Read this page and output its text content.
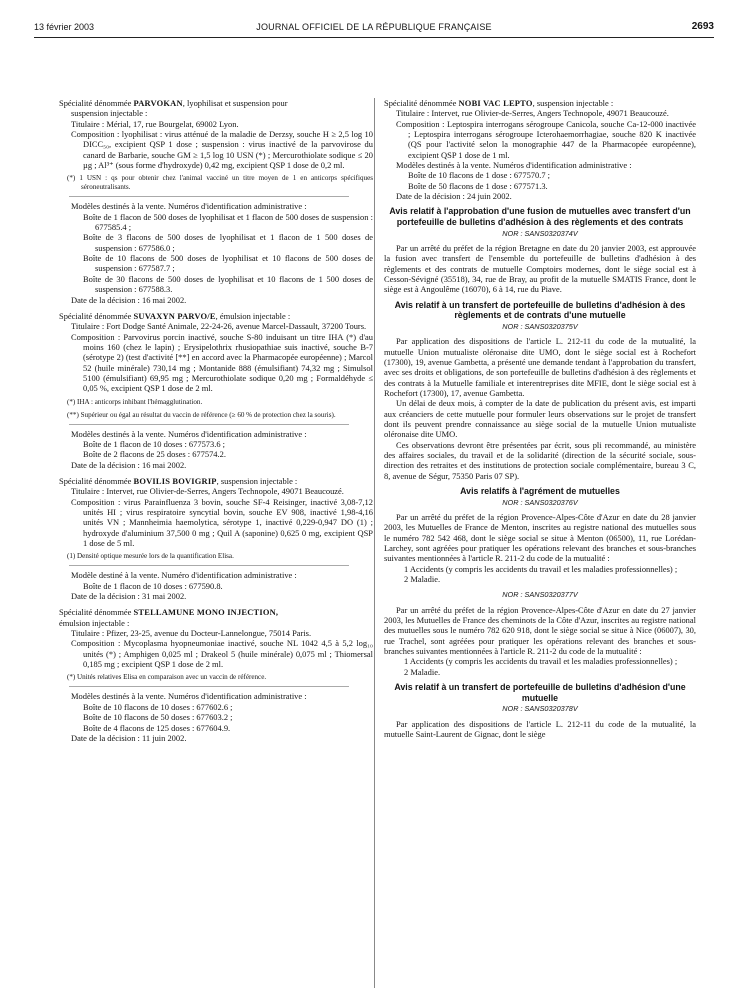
13 février 2003	JOURNAL OFFICIEL DE LA RÉPUBLIQUE FRANÇAISE	2693

Spécialité dénommée PARVOKAN, lyophilisat et suspension pour

suspension injectable :

Titulaire : Mérial, 17, rue Bourgelat, 69002 Lyon.

Composition : lyophilisat : virus atténué de la maladie de Derzsy, souche H ≥ 2,5 log 10 DICC₅₀, excipient QSP 1 dose ; suspension : virus inactivé de la parvovirose du canard de Barbarie, souche GM ≥ 1,5 log 10 USN (*) ; Mercurothiolate sodique ≤ 20 µg ; Al³⁺ (sous forme d'hydroxyde) 0,42 mg, excipient QSP 1 dose de 0,2 ml.

(*) 1 USN : qs pour obtenir chez l'animal vacciné un titre moyen de 1 en anticorps spécifiques séroneutralisants.

Modèles destinés à la vente. Numéros d'identification administrative :

Boîte de 1 flacon de 500 doses de lyophilisat et 1 flacon de 500 doses de suspension : 677585.4 ;

Boîte de 3 flacons de 500 doses de lyophilisat et 1 flacon de 1 500 doses de suspension : 677586.0 ;

Boîte de 10 flacons de 500 doses de lyophilisat et 10 flacons de 500 doses de suspension : 677587.7 ;

Boîte de 30 flacons de 500 doses de lyophilisat et 10 flacons de 1 500 doses de suspension : 677588.3.

Date de la décision : 16 mai 2002.

Spécialité dénommée SUVAXYN PARVO/E, émulsion injectable :

Titulaire : Fort Dodge Santé Animale, 22-24-26, avenue Marcel-Dassault, 37200 Tours.

Composition : Parvovirus porcin inactivé, souche S-80 induisant un titre IHA (*) d'au moins 160 (chez le lapin) ; Erysipelothrix rhusiopathiae suis inactivé, souche B-7 (sérotype 2) (test d'activité [**] en accord avec la Pharmacopée européenne) ; Marcol 52 (huile minérale) 730,14 mg ; Montanide 888 (émulsifiant) 74,32 mg ; Simulsol 5100 (émulsifiant) 69,95 mg ; Mercurothiolate sodique 0,20 mg ; Formaldéhyde ≤ 0,05 %, excipient QSP 1 dose de 2 ml.

(*) IHA : anticorps inhibant l'hémagglutination.

(**) Supérieur ou égal au résultat du vaccin de référence (≥ 60 % de protection chez la souris).

Modèles destinés à la vente. Numéros d'identification administrative :

Boîte de 1 flacon de 10 doses : 677573.6 ;

Boîte de 2 flacons de 25 doses : 677574.2.

Date de la décision : 16 mai 2002.

Spécialité dénommée BOVILIS BOVIGRIP, suspension injectable :

Titulaire : Intervet, rue Olivier-de-Serres, Angers Technopole, 49071 Beaucouzé.

Composition : virus Parainfluenza 3 bovin, souche SF-4 Reisinger, inactivé 3,08-7,12 unités HI ; virus respiratoire syncytial bovin, souche EV 908, inactivé 1,98-4,16 unités VN ; Mannheimia haemolytica, sérotype 1, inactivé 0,229-0,947 DO (1) ; hydroxyde d'aluminium 37,500 0 mg ; Quil A (saponine) 0,625 0 mg, excipient QSP 1 dose de 5 ml.

(1) Densité optique mesurée lors de la quantification Elisa.

Modèle destiné à la vente. Numéro d'identification administrative :

Boîte de 1 flacon de 10 doses : 677590.8.

Date de la décision : 31 mai 2002.

Spécialité dénommée STELLAMUNE MONO INJECTION,

émulsion injectable :

Titulaire : Pfizer, 23-25, avenue du Docteur-Lannelongue, 75014 Paris.

Composition : Mycoplasma hyopneumoniae inactivé, souche NL 1042 4,5 à 5,2 log₁₀ unités (*) ; Amphigen 0,025 ml ; Drakeol 5 (huile minérale) 0,075 ml ; Thiomersal 0,185 mg ; excipient QSP 1 dose de 2 ml.

(*) Unités relatives Elisa en comparaison avec un vaccin de référence.

Modèles destinés à la vente. Numéros d'identification administrative :

Boîte de 10 flacons de 10 doses : 677602.6 ;

Boîte de 10 flacons de 50 doses : 677603.2 ;

Boîte de 4 flacons de 125 doses : 677604.9.

Date de la décision : 11 juin 2002.

Spécialité dénommée NOBI VAC LEPTO, suspension injectable :

Titulaire : Intervet, rue Olivier-de-Serres, Angers Technopole, 49071 Beaucouzé.

Composition : Leptospira interrogans sérogroupe Canicola, souche Ca-12-000 inactivée ; Leptospira interrogans sérogroupe Icterohaemorrhagiae, souche 820 K inactivée (QS pour l'activité selon la monographie 447 de la Pharmacopée européenne), excipient QSP 1 dose de 1 ml.

Modèles destinés à la vente. Numéros d'identification administrative :

Boîte de 10 flacons de 1 dose : 677570.7 ;

Boîte de 50 flacons de 1 dose : 677571.3.

Date de la décision : 24 juin 2002.

Avis relatif à l'approbation d'une fusion de mutuelles avec transfert d'un portefeuille de bulletins d'adhésion à des règlements et des contrats

NOR : SANS0320374V

Par un arrêté du préfet de la région Bretagne en date du 20 janvier 2003, est approuvée la fusion avec transfert de l'ensemble du portefeuille de bulletins d'adhésion à des règlements et des contrats de mutuelle Comptoirs modernes, dont le siège social est à Cesson-Sévigné (35518), 34, rue de Bray, au profit de la mutuelle SMATIS France, dont le siège est à Angoulême (16070), 6 à 14, rue du Piave.

Avis relatif à un transfert de portefeuille de bulletins d'adhésion à des règlements et de contrats d'une mutuelle

NOR : SANS0320375V

Par application des dispositions de l'article L. 212-11 du code de la mutualité, la mutuelle Union mutualiste oléronaise dite UMO, dont le siège social est à Rochefort (17300), 19, avenue Gambetta, a présenté une demande tendant à l'approbation du transfert, avec ses droits et obligations, de son portefeuille de bulletins d'adhésion à des règlements et des contrats à la Mutuelle familiale et interentreprises dite MFIE, dont le siège social est à Rochefort (17300), 17, avenue Gambetta.

Un délai de deux mois, à compter de la date de publication du présent avis, est imparti aux créanciers de cette mutuelle pour formuler leurs observations sur le projet de transfert dont ils peuvent prendre connaissance au siège social de la mutuelle Union mutualiste oléronaise dite UMO.

Ces observations devront être présentées par écrit, sous pli recommandé, au ministère des affaires sociales, du travail et de la solidarité (direction de la sécurité sociale, sous-direction des retraites et des institutions de protection sociale complémentaire, bureau 3 C, 8, avenue de Ségur, 75350 Paris 07 SP).

Avis relatifs à l'agrément de mutuelles

NOR : SANS0320376V

Par un arrêté du préfet de la région Provence-Alpes-Côte d'Azur en date du 28 janvier 2003, les Mutuelles de France de Menton, inscrites au registre national des mutuelles sous le numéro 782 542 468, dont le siège social se situe à Menton (06500), 11, rue Lorédan-Larchey, sont agréées pour pratiquer les opérations relevant des branches et sous-branches suivantes mentionnées à l'article R. 211-2 du code de la mutualité :

1 Accidents (y compris les accidents du travail et les maladies professionnelles) ;

2 Maladie.

NOR : SANS0320377V

Par un arrêté du préfet de la région Provence-Alpes-Côte d'Azur en date du 27 janvier 2003, les Mutuelles de France des cheminots de la Côte d'Azur, inscrites au registre national des mutuelles sous le numéro 782 620 918, dont le siège social se situe à Nice (06007), 30, rue Trachel, sont agréées pour pratiquer les opérations relevant des branches et sous-branches suivantes mentionnées à l'article R. 211-2 du code de la mutualité :

1 Accidents (y compris les accidents du travail et les maladies professionnelles) ;

2 Maladie.

Avis relatif à un transfert de portefeuille de bulletins d'adhésion d'une mutuelle

NOR : SANS0320378V

Par application des dispositions de l'article L. 212-11 du code de la mutualité, la mutuelle Saint-Laurent de Gignac, dont le siège
